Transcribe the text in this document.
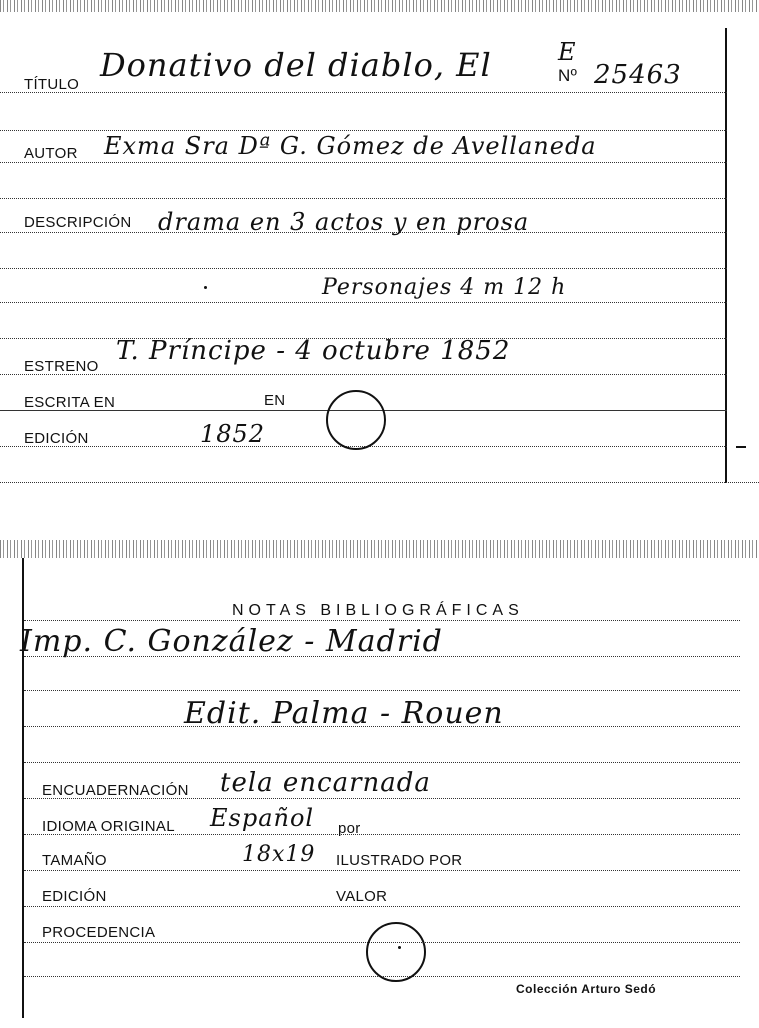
TÍTULO
Donativo del diablo, El	E
Nº 25463
AUTOR Exma Sra Dª G. Gómez de Avellaneda
DESCRIPCIÓN drama en 3 actos y en prosa
Personajes 4 m 12 h
ESTRENO
T. Príncipe - 4 octubre 1852
ESCRITA EN	EN
EDICIÓN	1852
NOTAS BIBLIOGRÁFICAS
Imp. C. González - Madrid
Edit. Palma - Rouen
ENCUADERNACIÓN tela encarnada
IDIOMA ORIGINAL Español por
TAMAÑO	18x19 ILUSTRADO POR
EDICIÓN	VALOR
PROCEDENCIA
Colección Arturo Sedó
